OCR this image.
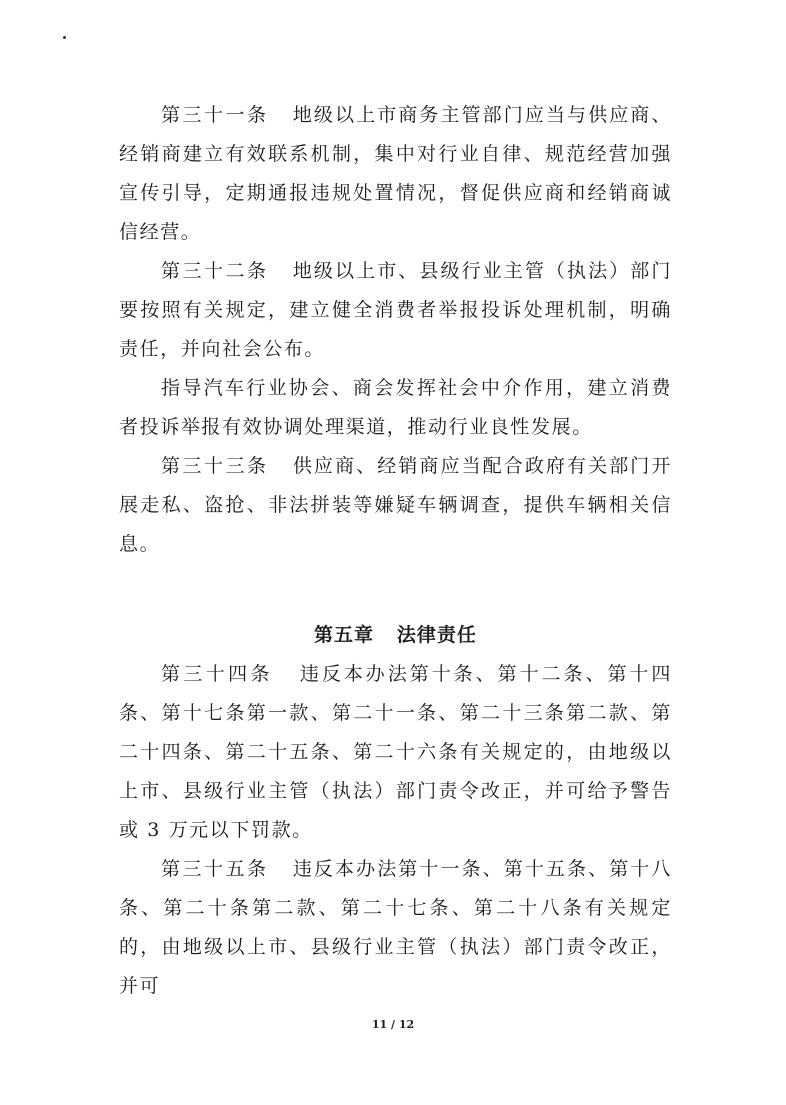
第三十一条 地级以上市商务主管部门应当与供应商、经销商建立有效联系机制，集中对行业自律、规范经营加强宣传引导，定期通报违规处置情况，督促供应商和经销商诚信经营。

第三十二条 地级以上市、县级行业主管（执法）部门要按照有关规定，建立健全消费者举报投诉处理机制，明确责任，并向社会公布。

指导汽车行业协会、商会发挥社会中介作用，建立消费者投诉举报有效协调处理渠道，推动行业良性发展。

第三十三条 供应商、经销商应当配合政府有关部门开展走私、盗抢、非法拼装等嫌疑车辆调查，提供车辆相关信息。

第五章 法律责任

第三十四条 违反本办法第十条、第十二条、第十四条、第十七条第一款、第二十一条、第二十三条第二款、第二十四条、第二十五条、第二十六条有关规定的，由地级以上市、县级行业主管（执法）部门责令改正，并可给予警告或 3 万元以下罚款。

第三十五条 违反本办法第十一条、第十五条、第十八条、第二十条第二款、第二十七条、第二十八条有关规定的，由地级以上市、县级行业主管（执法）部门责令改正，并可

11 / 12
